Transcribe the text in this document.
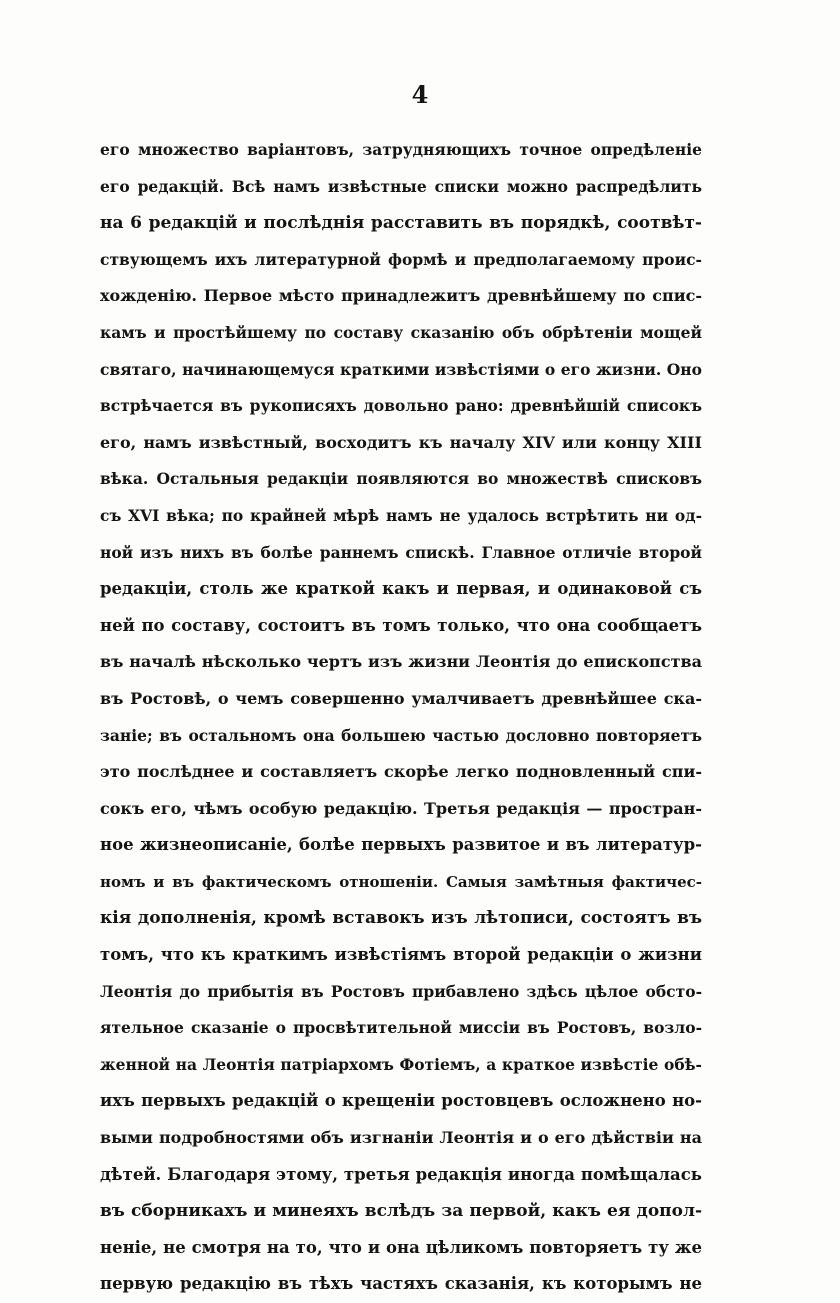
4
его множество варіантовъ, затрудняющихъ точное опредѣленіе
его редакцій. Всѣ намъ извѣстные списки можно распредѣлить
на 6 редакцій и послѣднія расставить въ порядкѣ, соотвѣт-
ствующемъ ихъ литературной формѣ и предполагаемому проис-
хожденію. Первое мѣсто принадлежитъ древнѣйшему по спис-
камъ и простѣйшему по составу сказанію объ обрѣтеніи мощей
святаго, начинающемуся краткими извѣстіями о его жизни. Оно
встрѣчается въ рукописяхъ довольно рано: древнѣйшій списокъ
его, намъ извѣстный, восходитъ къ началу XIV или концу XIII
вѣка. Остальныя редакціи появляются во множествѣ списковъ
съ XVI вѣка; по крайней мѣрѣ намъ не удалось встрѣтить ни од-
ной изъ нихъ въ болѣе раннемъ спискѣ. Главное отличіе второй
редакціи, столь же краткой какъ и первая, и одинаковой съ
ней по составу, состоитъ въ томъ только, что она сообщаетъ
въ началѣ нѣсколько чертъ изъ жизни Леонтія до епископства
въ Ростовѣ, о чемъ совершенно умалчиваетъ древнѣйшее ска-
заніе; въ остальномъ она большею частью дословно повторяетъ
это послѣднее и составляетъ скорѣе легко подновленный спи-
сокъ его, чѣмъ особую редакцію. Третья редакція — простран-
ное жизнеописаніе, болѣе первыхъ развитое и въ литератур-
номъ и въ фактическомъ отношеніи. Самыя замѣтныя фактичес-
кія дополненія, кромѣ вставокъ изъ лѣтописи, состоятъ въ
томъ, что къ краткимъ извѣстіямъ второй редакціи о жизни
Леонтія до прибытія въ Ростовъ прибавлено здѣсь цѣлое обсто-
ятельное сказаніе о просвѣтительной миссіи въ Ростовъ, возло-
женной на Леонтія патріархомъ Фотіемъ, а краткое извѣстіе обѣ-
ихъ первыхъ редакцій о крещеніи ростовцевъ осложнено но-
выми подробностями объ изгнаніи Леонтія и о его дѣйствіи на
дѣтей. Благодаря этому, третья редакція иногда помѣщалась
въ сборникахъ и минеяхъ вслѣдъ за первой, какъ ея допол-
неніе, не смотря на то, что и она цѣликомъ повторяетъ ту же
первую редакцію въ тѣхъ частяхъ сказанія, къ которымъ не
